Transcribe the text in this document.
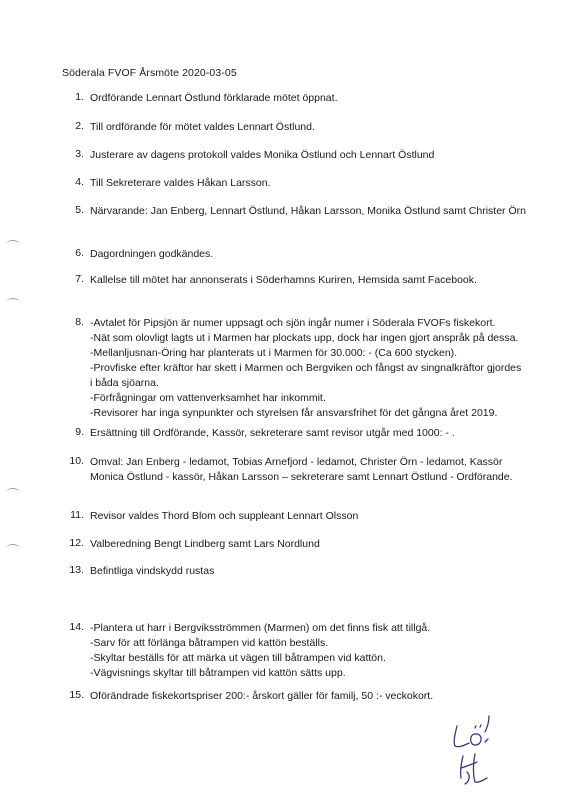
Söderala FVOF Årsmöte 2020-03-05
1. Ordförande Lennart Östlund förklarade mötet öppnat.
2. Till ordförande för mötet valdes Lennart Östlund.
3. Justerare av dagens protokoll valdes Monika Östlund och Lennart Östlund
4. Till Sekreterare valdes Håkan Larsson.
5. Närvarande: Jan Enberg, Lennart Östlund, Håkan Larsson, Monika Östlund samt Christer Örn
6. Dagordningen godkändes.
7. Kallelse till mötet har annonserats i Söderhamns Kuriren, Hemsida samt Facebook.
8. -Avtalet för Pipsjön är numer uppsagt och sjön ingår numer i Söderala FVOFs fiskekort.
-Nät som olovligt lagts ut i Marmen har plockats upp, dock har ingen gjort anspråk på dessa.
-Mellanljusnan-Öring har planterats ut i Marmen för 30.000: - (Ca 600 stycken).
-Provfiske efter kräftor har skett i Marmen och Bergviken och fångst av singnalkräftor gjordes
i båda sjöarna.
-Förfrågningar om vattenverksamhet har inkommit.
-Revisorer har inga synpunkter och styrelsen får ansvarsfrihet för det gångna året 2019.
9. Ersättning till Ordförande, Kassör, sekreterare samt revisor utgår med 1000: - .
10. Omval: Jan Enberg - ledamot, Tobias Arnefjord - ledamot, Christer Örn - ledamot, Kassör
Monica Östlund - kassör, Håkan Larsson – sekreterare samt Lennart Östlund - Ordförande.
11. Revisor valdes Thord Blom och suppleant Lennart Olsson
12. Valberedning Bengt Lindberg samt Lars Nordlund
13. Befintliga vindskydd rustas
14. -Plantera ut harr i Bergviksströmmen (Marmen) om det finns fisk att tillgå.
-Sarv för att förlänga båtrampen vid kattön beställs.
-Skyltar beställs för att märka ut vägen till båtrampen vid kattön.
-Vägvisnings skyltar till båtrampen vid kattön sätts upp.
15. Oförändrade fiskekortspriser 200:- årskort gäller för familj, 50 :- veckokort.
